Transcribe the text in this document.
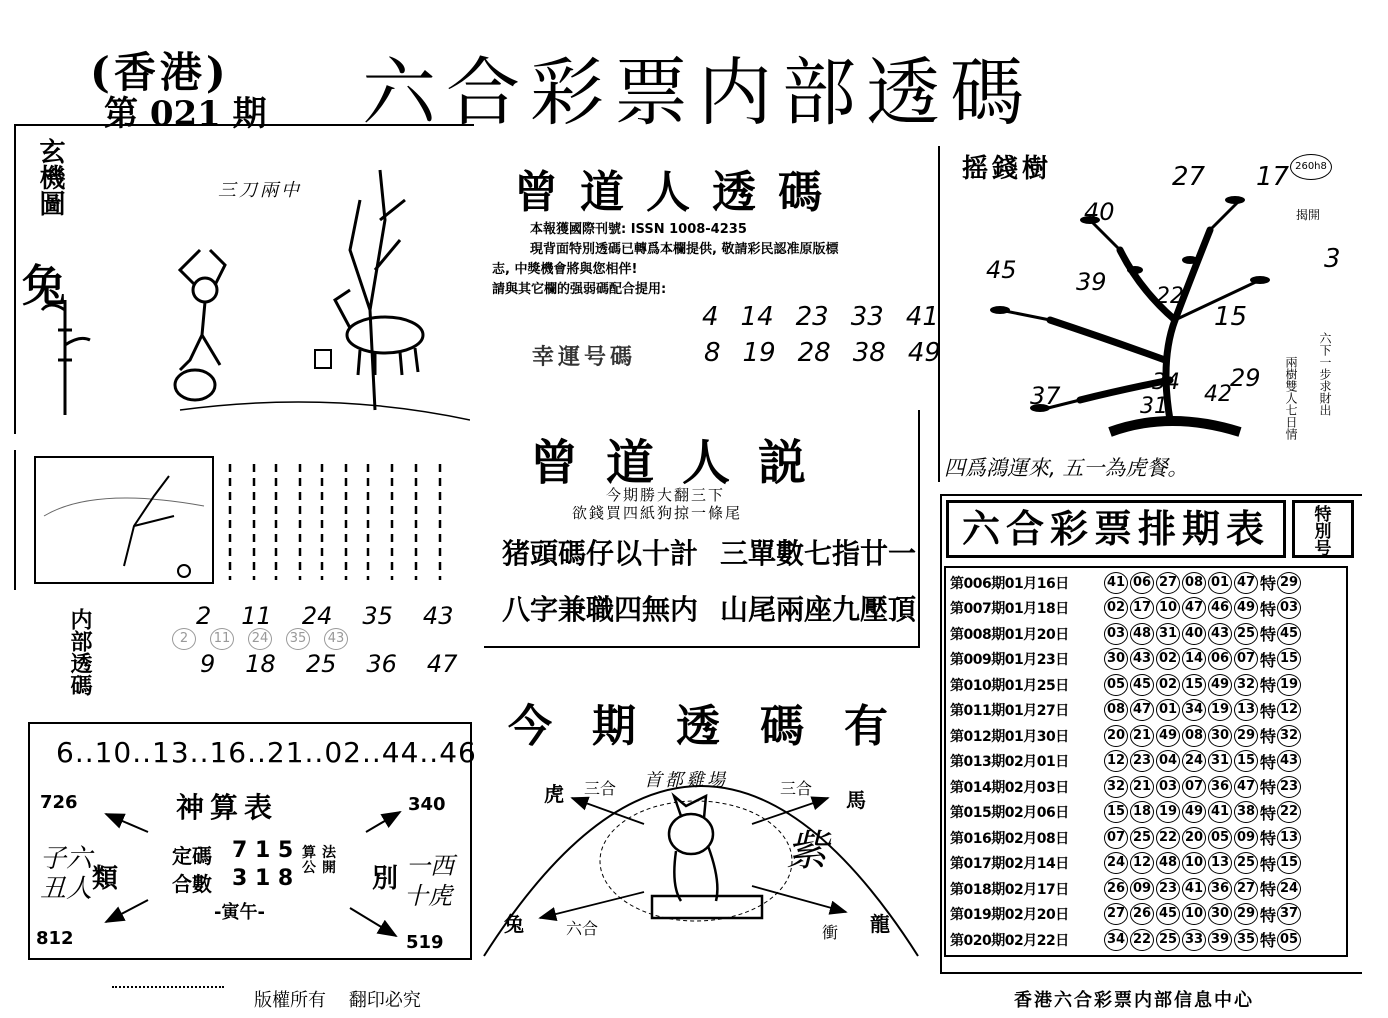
(香港)
第 021 期 六合彩票内部透碼
玄機圖
兔
三刀兩中
内部透碼	2 11 24 35 43
9 18 25 36 47
2	11 24 35 43
6..10..13..16..21..02..44..46
神算表
726	340
812	519
子六
丑人 類
定碼 7 1 5
合數 3 1 8
算法公開
-寅午-
別 一西
十虎
曾道人透碼
本報獲國際刊號: ISSN 1008-4235
現背面特別透碼已轉爲本欄提供, 敬請彩民認准原版標
志, 中獎機會將與您相伴!
請與其它欄的强弱碼配合提用:
幸運号碼
4 14 23 33 41
8 19 28 38 49
曾道人説
今期勝大翻三下
欲錢買四紙狗掠一條尾
猪頭碼仔以十計 三單數七指廿一
八字兼職四無内 山尾兩座九壓頂
今期透碼有
首都雞場
虎 三合	三合 馬
兔	六合
紫
衝 龍
摇錢樹	260h8
揭開
27 17
40
45 39
22
15
3
37	34
31 42
29	六下一步求財出
兩樹雙人七日情
四爲鴻運來, 五一為虎餐。
六合彩票排期表	特別号
第006期01月16日	41 06 27 08 01 47 特 29
第007期01月18日	02 17 10 47 46 49 特 03
第008期01月20日	03 48 31 40 43 25 特 45
第009期01月23日	30 43 02 14 06 07 特 15
第010期01月25日	05 45 02 15 49 32 特 19
第011期01月27日	08 47 01 34 19 13 特 12
第012期01月30日	20 21 49 08 30 29 特 32
第013期02月01日	12 23 04 24 31 15 特 43
第014期02月03日	32 21 03 07 36 47 特 23
第015期02月06日	15 18 19 49 41 38 特 22
第016期02月08日	07 25 22 20 05 09 特 13
第017期02月14日	24 12 48 10 13 25 特 15
第018期02月17日	26 09 23 41 36 27 特 24
第019期02月20日	27 26 45 10 30 29 特 37
第020期02月22日	34 22 25 33 39 35 特 05
版權所有    翻印必究	香港六合彩票内部信息中心
